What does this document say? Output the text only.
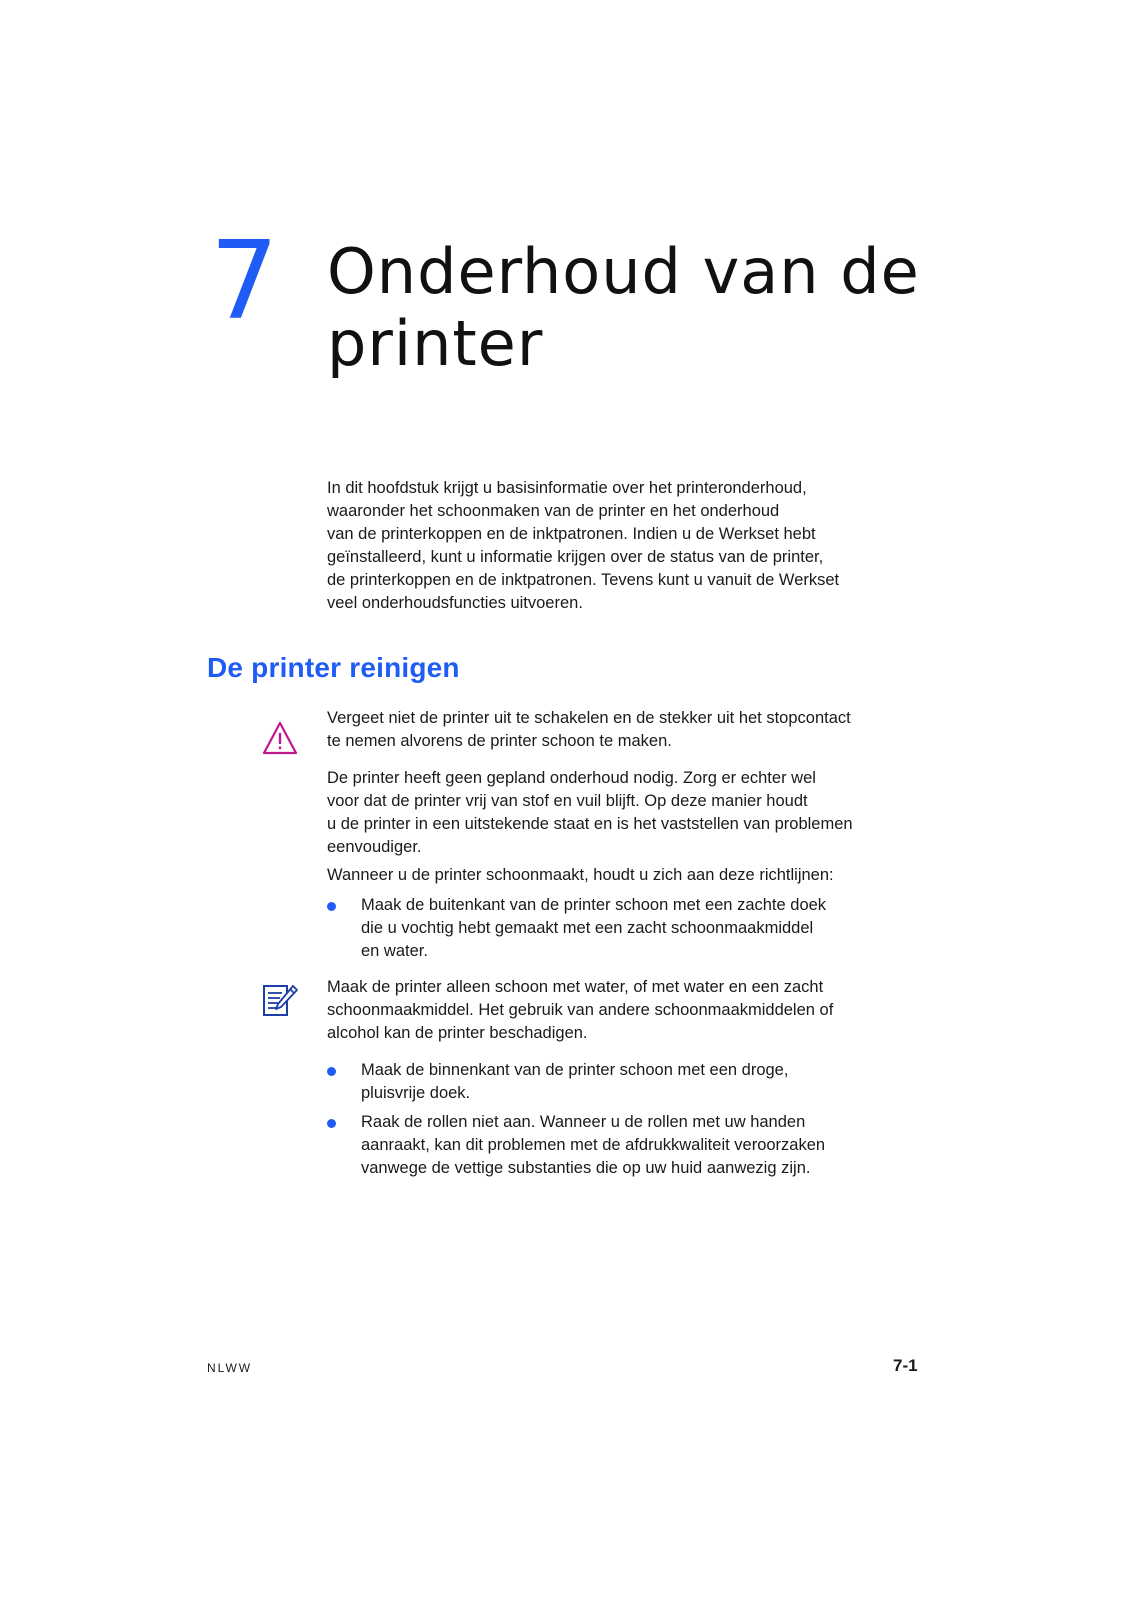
7 Onderhoud van de
printer

In dit hoofdstuk krijgt u basisinformatie over het printeronderhoud,
waaronder het schoonmaken van de printer en het onderhoud
van de printerkoppen en de inktpatronen. Indien u de Werkset hebt
geïnstalleerd, kunt u informatie krijgen over de status van de printer,
de printerkoppen en de inktpatronen. Tevens kunt u vanuit de Werkset
veel onderhoudsfuncties uitvoeren.

De printer reinigen

Vergeet niet de printer uit te schakelen en de stekker uit het stopcontact
te nemen alvorens de printer schoon te maken.

De printer heeft geen gepland onderhoud nodig. Zorg er echter wel
voor dat de printer vrij van stof en vuil blijft. Op deze manier houdt
u de printer in een uitstekende staat en is het vaststellen van problemen
eenvoudiger.

Wanneer u de printer schoonmaakt, houdt u zich aan deze richtlijnen:

Maak de buitenkant van de printer schoon met een zachte doek
die u vochtig hebt gemaakt met een zacht schoonmaakmiddel
en water.

Maak de printer alleen schoon met water, of met water en een zacht
schoonmaakmiddel. Het gebruik van andere schoonmaakmiddelen of
alcohol kan de printer beschadigen.

Maak de binnenkant van de printer schoon met een droge,
pluisvrije doek.

Raak de rollen niet aan. Wanneer u de rollen met uw handen
aanraakt, kan dit problemen met de afdrukkwaliteit veroorzaken
vanwege de vettige substanties die op uw huid aanwezig zijn.

NLWW	7-1
